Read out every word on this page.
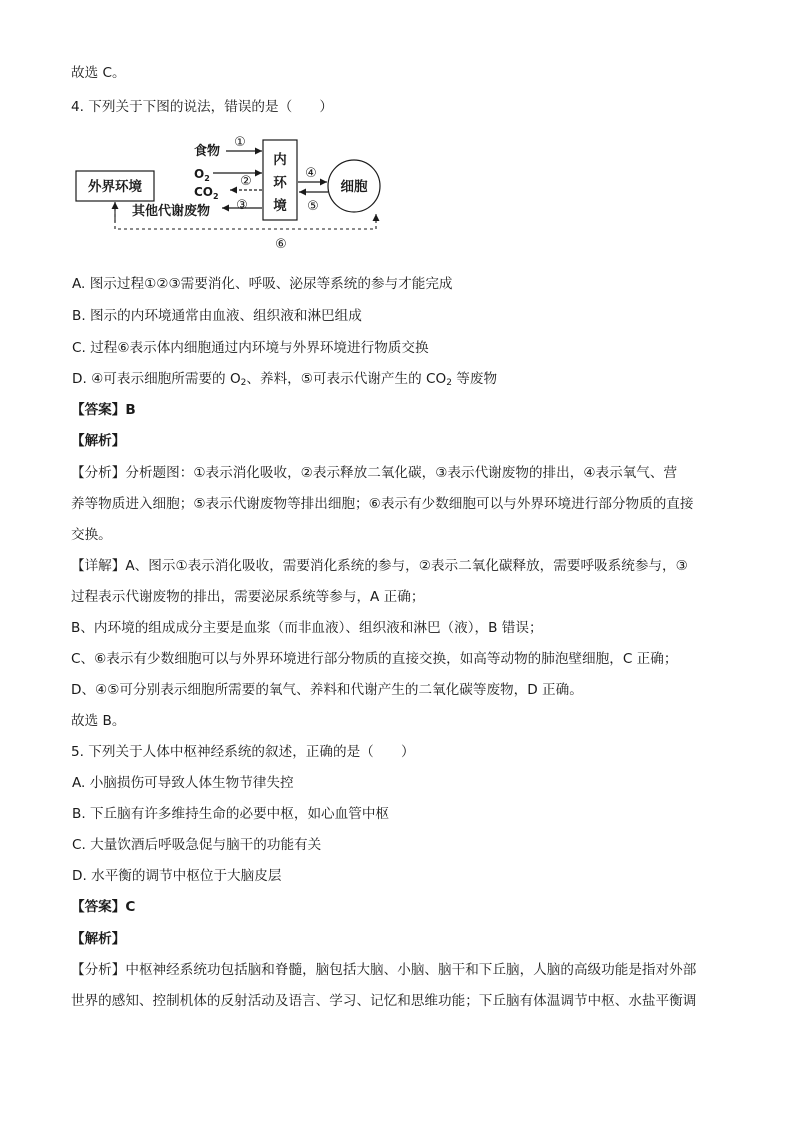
故选 C。
4. 下列关于下图的说法，错误的是（　　）
外界环境
内
环
境
细胞
食物
①
$O_2$
$CO_2$
②
其他代谢废物 ③
④
⑤
⑥
A. 图示过程①②③需要消化、呼吸、泌尿等系统的参与才能完成
B. 图示的内环境通常由血液、组织液和淋巴组成
C. 过程⑥表示体内细胞通过内环境与外界环境进行物质交换
D. ④可表示细胞所需要的 $O_2$、养料，⑤可表示代谢产生的 $CO_2$ 等废物
【答案】B
【解析】
【分析】分析题图：①表示消化吸收，②表示释放二氧化碳，③表示代谢废物的排出，④表示氧气、营
养等物质进入细胞；⑤表示代谢废物等排出细胞；⑥表示有少数细胞可以与外界环境进行部分物质的直接
交换。
【详解】A、图示①表示消化吸收，需要消化系统的参与，②表示二氧化碳释放，需要呼吸系统参与，③
过程表示代谢废物的排出，需要泌尿系统等参与，A 正确；
B、内环境的组成成分主要是血浆（而非血液）、组织液和淋巴（液），B 错误；
C、⑥表示有少数细胞可以与外界环境进行部分物质的直接交换，如高等动物的肺泡壁细胞，C 正确；
D、④⑤可分别表示细胞所需要的氧气、养料和代谢产生的二氧化碳等废物，D 正确。
故选 B。
5. 下列关于人体中枢神经系统的叙述，正确的是（　　）
A. 小脑损伤可导致人体生物节律失控
B. 下丘脑有许多维持生命的必要中枢，如心血管中枢
C. 大量饮酒后呼吸急促与脑干的功能有关
D. 水平衡的调节中枢位于大脑皮层
【答案】C
【解析】
【分析】中枢神经系统功包括脑和脊髓，脑包括大脑、小脑、脑干和下丘脑，人脑的高级功能是指对外部
世界的感知、控制机体的反射活动及语言、学习、记忆和思维功能；下丘脑有体温调节中枢、水盐平衡调
